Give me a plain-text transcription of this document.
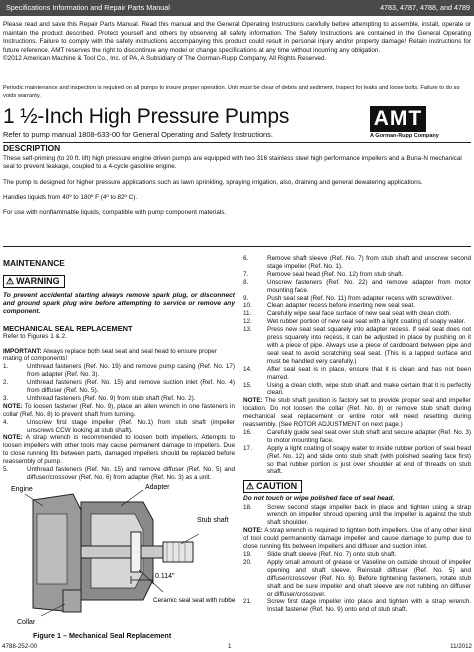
Specifications Information and Repair Parts Manual	4783, 4787, 4788, and 4789

Please read and save this Repair Parts Manual. Read this manual and the General Operating Instructions carefully before attempting to assemble, install, operate or maintain the product described. Protect yourself and others by observing all safety information. The Safety Instructions are contained in the General Operating Instructions. Failure to comply with the safety instructions accompanying this product could result in personal injury and/or property damage! Retain instructions for future reference. AMT reserves the right to discontinue any model or change specifications at any time without incurring any obligation.

©2012 American Machine & Tool Co., Inc. of PA, A Subsidiary of The Gorman-Rupp Company, All Rights Reserved.

Periodic maintenance and inspection is required on all pumps to insure proper operation. Unit must be clear of debris and sediment. Inspect for leaks and loose bolts. Failure to do so voids warranty.
1 ½-Inch High Pressure Pumps
Refer to pump manual 1808-633-00 for General Operating and Safety Instructions.
AMT
A Gorman-Rupp Company
DESCRIPTION

These self-priming (to 20 ft. lift) high pressure engine driven pumps are equipped with two 316 stainless steel high performance impellers and a Buna-N mechanical seal to prevent leakage, coupled to a 4-cycle gasoline engine.

The pump is designed for higher pressure applications such as lawn sprinkling, spraying irrigation, also, draining and general dewatering applications.

Handles liquids from 40º to 180º F (4º to 82º C).

For use with nonflammable liquids, compatible with pump component materials.

MAINTENANCE
⚠ WARNING

To prevent accidental starting always remove spark plug, or disconnect and ground spark plug wire before attempting to service or remove any component.

MECHANICAL SEAL REPLACEMENT

Refer to Figures 1 & 2.

IMPORTANT: Always replace both seal seat and seal head to ensure proper mating of components!

1.	Unthread fasteners (Ref. No. 19) and remove pump casing (Ref. No. 17) from adapter (Ref. No. 3).
2.	Unthread fasteners (Ref. No. 15) and remove suction inlet (Ref. No. 4) from diffuser (Ref. No. 5).
3.	Unthread fasteners (Ref. No. 9) from stub shaft (Ref. No. 2).

NOTE: To loosen fastener (Ref. No. 9), place an allen wrench in one fasteners in collar (Ref. No. 8) to prevent shaft from turning.

4.	Unscrew first stage impeller (Ref. No.1) from stub shaft (impeller unscrews CCW looking at stub shaft).

NOTE: A strap wrench is recommended to loosen both impellers. Attempts to loosen impellers with other tools may cause permanent damage to impellers. Due to close running fits between parts, damaged impellers should be replaced before reassembly of pump.

5.	Unthread fasteners (Ref. No. 15) and remove diffuser (Ref. No. 5) and diffuser/crossover (Ref. No. 6) from adapter (Ref. No. 3) as a unit.
Engine	Adapter
Stub shaft
0.114"
Ceramic seal seat with rubbe
Collar
Figure 1 – Mechanical Seal Replacement
6.	Remove shaft sleeve (Ref. No. 7) from stub shaft and unscrew second stage impeller (Ref. No. 1).
7.	Remove seal head (Ref. No. 12) from stub shaft.
8.	Unscrew fasteners (Ref. No. 22) and remove adapter from motor mounting face.
9.	Push seal seat (Ref. No. 11) from adapter recess with screwdriver.
10.	Clean adapter recess before inserting new seal seat.
11.	Carefully wipe seal face surface of new seal seat with clean cloth.
12.	Wet rubber portion of new seal seat with a light coating of soapy water.
13.	Press new seal seat squarely into adapter recess. If seal seat does not press squarely into recess, it can be adjusted in place by pushing on it with a piece of pipe. Always use a piece of cardboard between pipe and seal seat to avoid scratching seal seat. (This is a lapped surface and must be handled very carefully.)
14.	After seal seat is in place, ensure that it is clean and has not been marred.
15.	Using a clean cloth, wipe stub shaft and make certain that it is perfectly clean.

NOTE: The stub shaft position is factory set to provide proper seal and impeller location. Do not loosen the collar (Ref. No. 8) or remove stub shaft during mechanical seal replacement or entire rotor will need resetting during reassembly. (See ROTOR ADJUSTMENT on next page.)

16.	Carefully guide seal seat over stub shaft and secure adapter (Ref. No. 3) to motor mounting face.
17.	Apply a light coating of soapy water to inside rubber portion of seal head (Ref. No. 12) and slide onto stub shaft (with polished sealing face first) so that rubber portion is just over shoulder at end of threads on stub shaft.
⚠ CAUTION

Do not touch or wipe polished face of seal head.

18.	Screw second stage impeller back in place and tighten using a strap wrench on impeller shroud opening until the impeller is against the stub shaft shoulder.

NOTE: A strap wrench is required to tighten both impellers. Use of any other kind of tool could permanently damage impeller and cause damage to pump due to close running fits between impellers and diffuser and suction inlet.

19.	Slide shaft sleeve (Ref. No. 7) onto stub shaft.
20.	Apply small amount of grease or Vaseline on outside shroud of impeller opening and shaft sleeve. Reinstall diffuser (Ref. No. 5) and diffuser/crossover (Ref. No. 6). Before tightening fasteners, rotate stub shaft and be sure impeller and shaft sleeve are not rubbing on diffuser or diffuser/crossover.
21.	Screw first stage impeller into place and tighten with a strap wrench. Install fastener (Ref. No. 9) onto end of stub shaft.
4788-252-00	1	11/2012
